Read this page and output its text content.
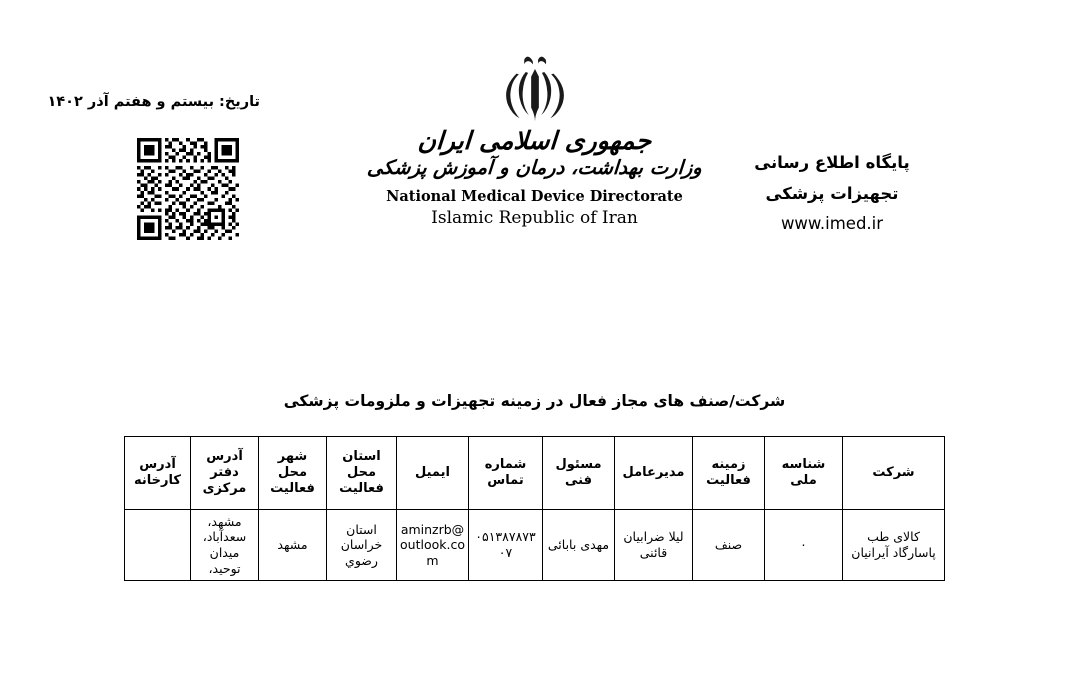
تاریخ: بیستم و هفتم آذر ۱۴۰۲
جمهوری اسلامی ایران
وزارت بهداشت، درمان و آموزش پزشکی
National Medical Device Directorate
Islamic Republic of Iran
پایگاه اطلاع رسانی
تجهیزات پزشکی
www.imed.ir
شرکت/صنف های مجاز فعال در زمینه تجهیزات و ملزومات پزشکی
شرکت	شناسه ملی	زمینه فعالیت	مدیرعامل	مسئول فنی	شماره تماس	ایمیل	استان محل فعالیت	شهر محل فعالیت	آدرس دفتر مرکزی	آدرس کارخانه
کالای طب پاسارگاد آیرانیان	۰	صنف	لیلا ضرابیان قائنی	مهدی بابائی	۰۵۱۳۸۷۸۷۳۰۷	aminzrb@outlook.com	استان خراسان رضوي	مشهد	مشهد، سعدآباد، میدان توحید،	
